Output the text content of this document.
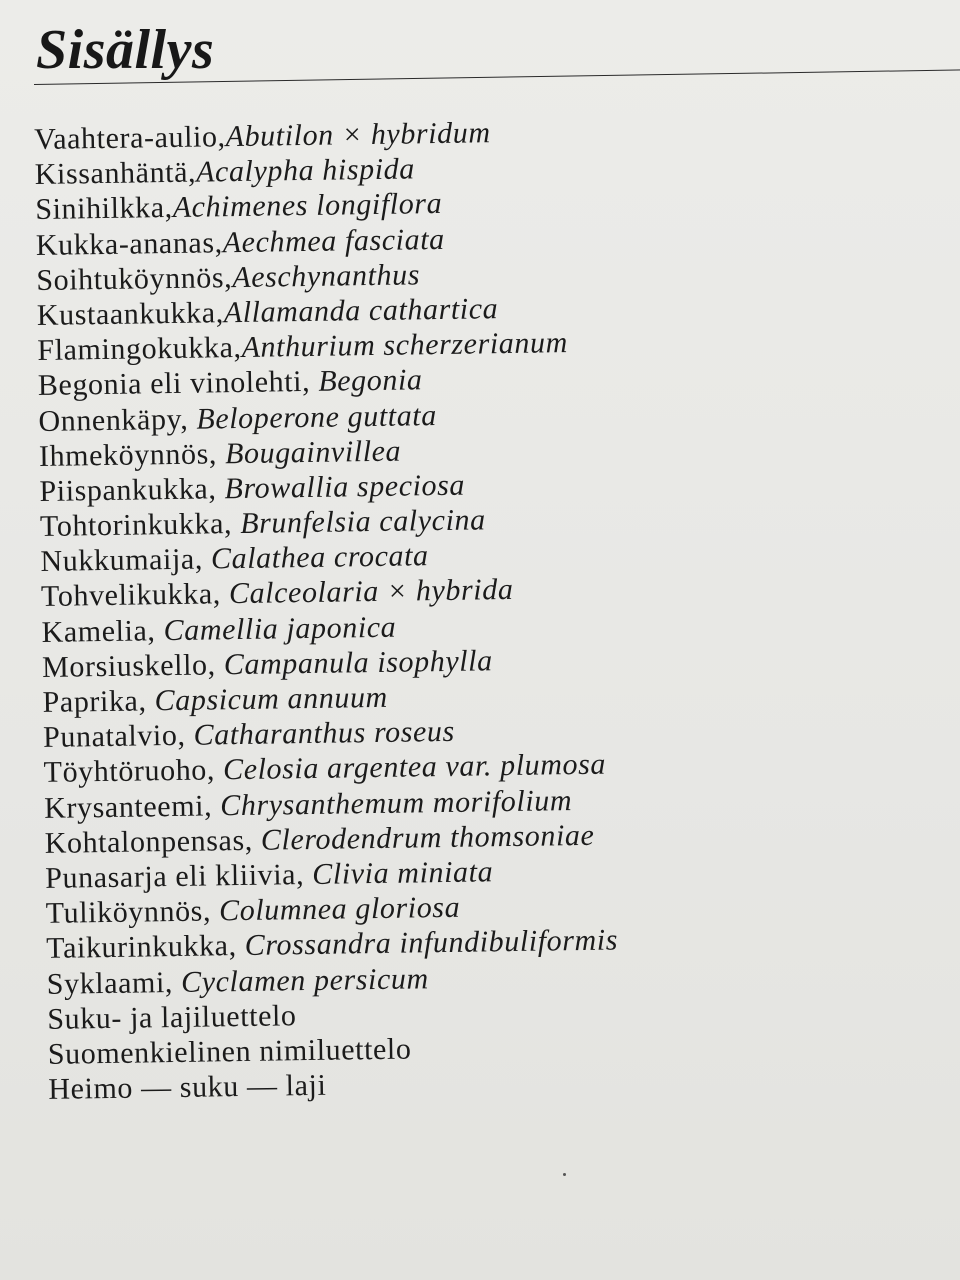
Sisällys
Vaahtera-aulio,Abutilon × hybridum
Kissanhäntä,Acalypha hispida
Sinihilkka,Achimenes longiflora
Kukka-ananas,Aechmea fasciata
Soihtuköynnös,Aeschynanthus
Kustaankukka,Allamanda cathartica
Flamingokukka,Anthurium scherzerianum
Begonia eli vinolehti, Begonia
Onnenkäpy, Beloperone guttata
Ihmeköynnös, Bougainvillea
Piispankukka, Browallia speciosa
Tohtorinkukka, Brunfelsia calycina
Nukkumaija, Calathea crocata
Tohvelikukka, Calceolaria × hybrida
Kamelia, Camellia japonica
Morsiuskello, Campanula isophylla
Paprika, Capsicum annuum
Punatalvio, Catharanthus roseus
Töyhtöruoho, Celosia argentea var. plumosa
Krysanteemi, Chrysanthemum morifolium
Kohtalonpensas, Clerodendrum thomsoniae
Punasarja eli kliivia, Clivia miniata
Tuliköynnös, Columnea gloriosa
Taikurinkukka, Crossandra infundibuliformis
Syklaami, Cyclamen persicum
Suku- ja lajiluettelo
Suomenkielinen nimiluettelo
Heimo — suku — laji
